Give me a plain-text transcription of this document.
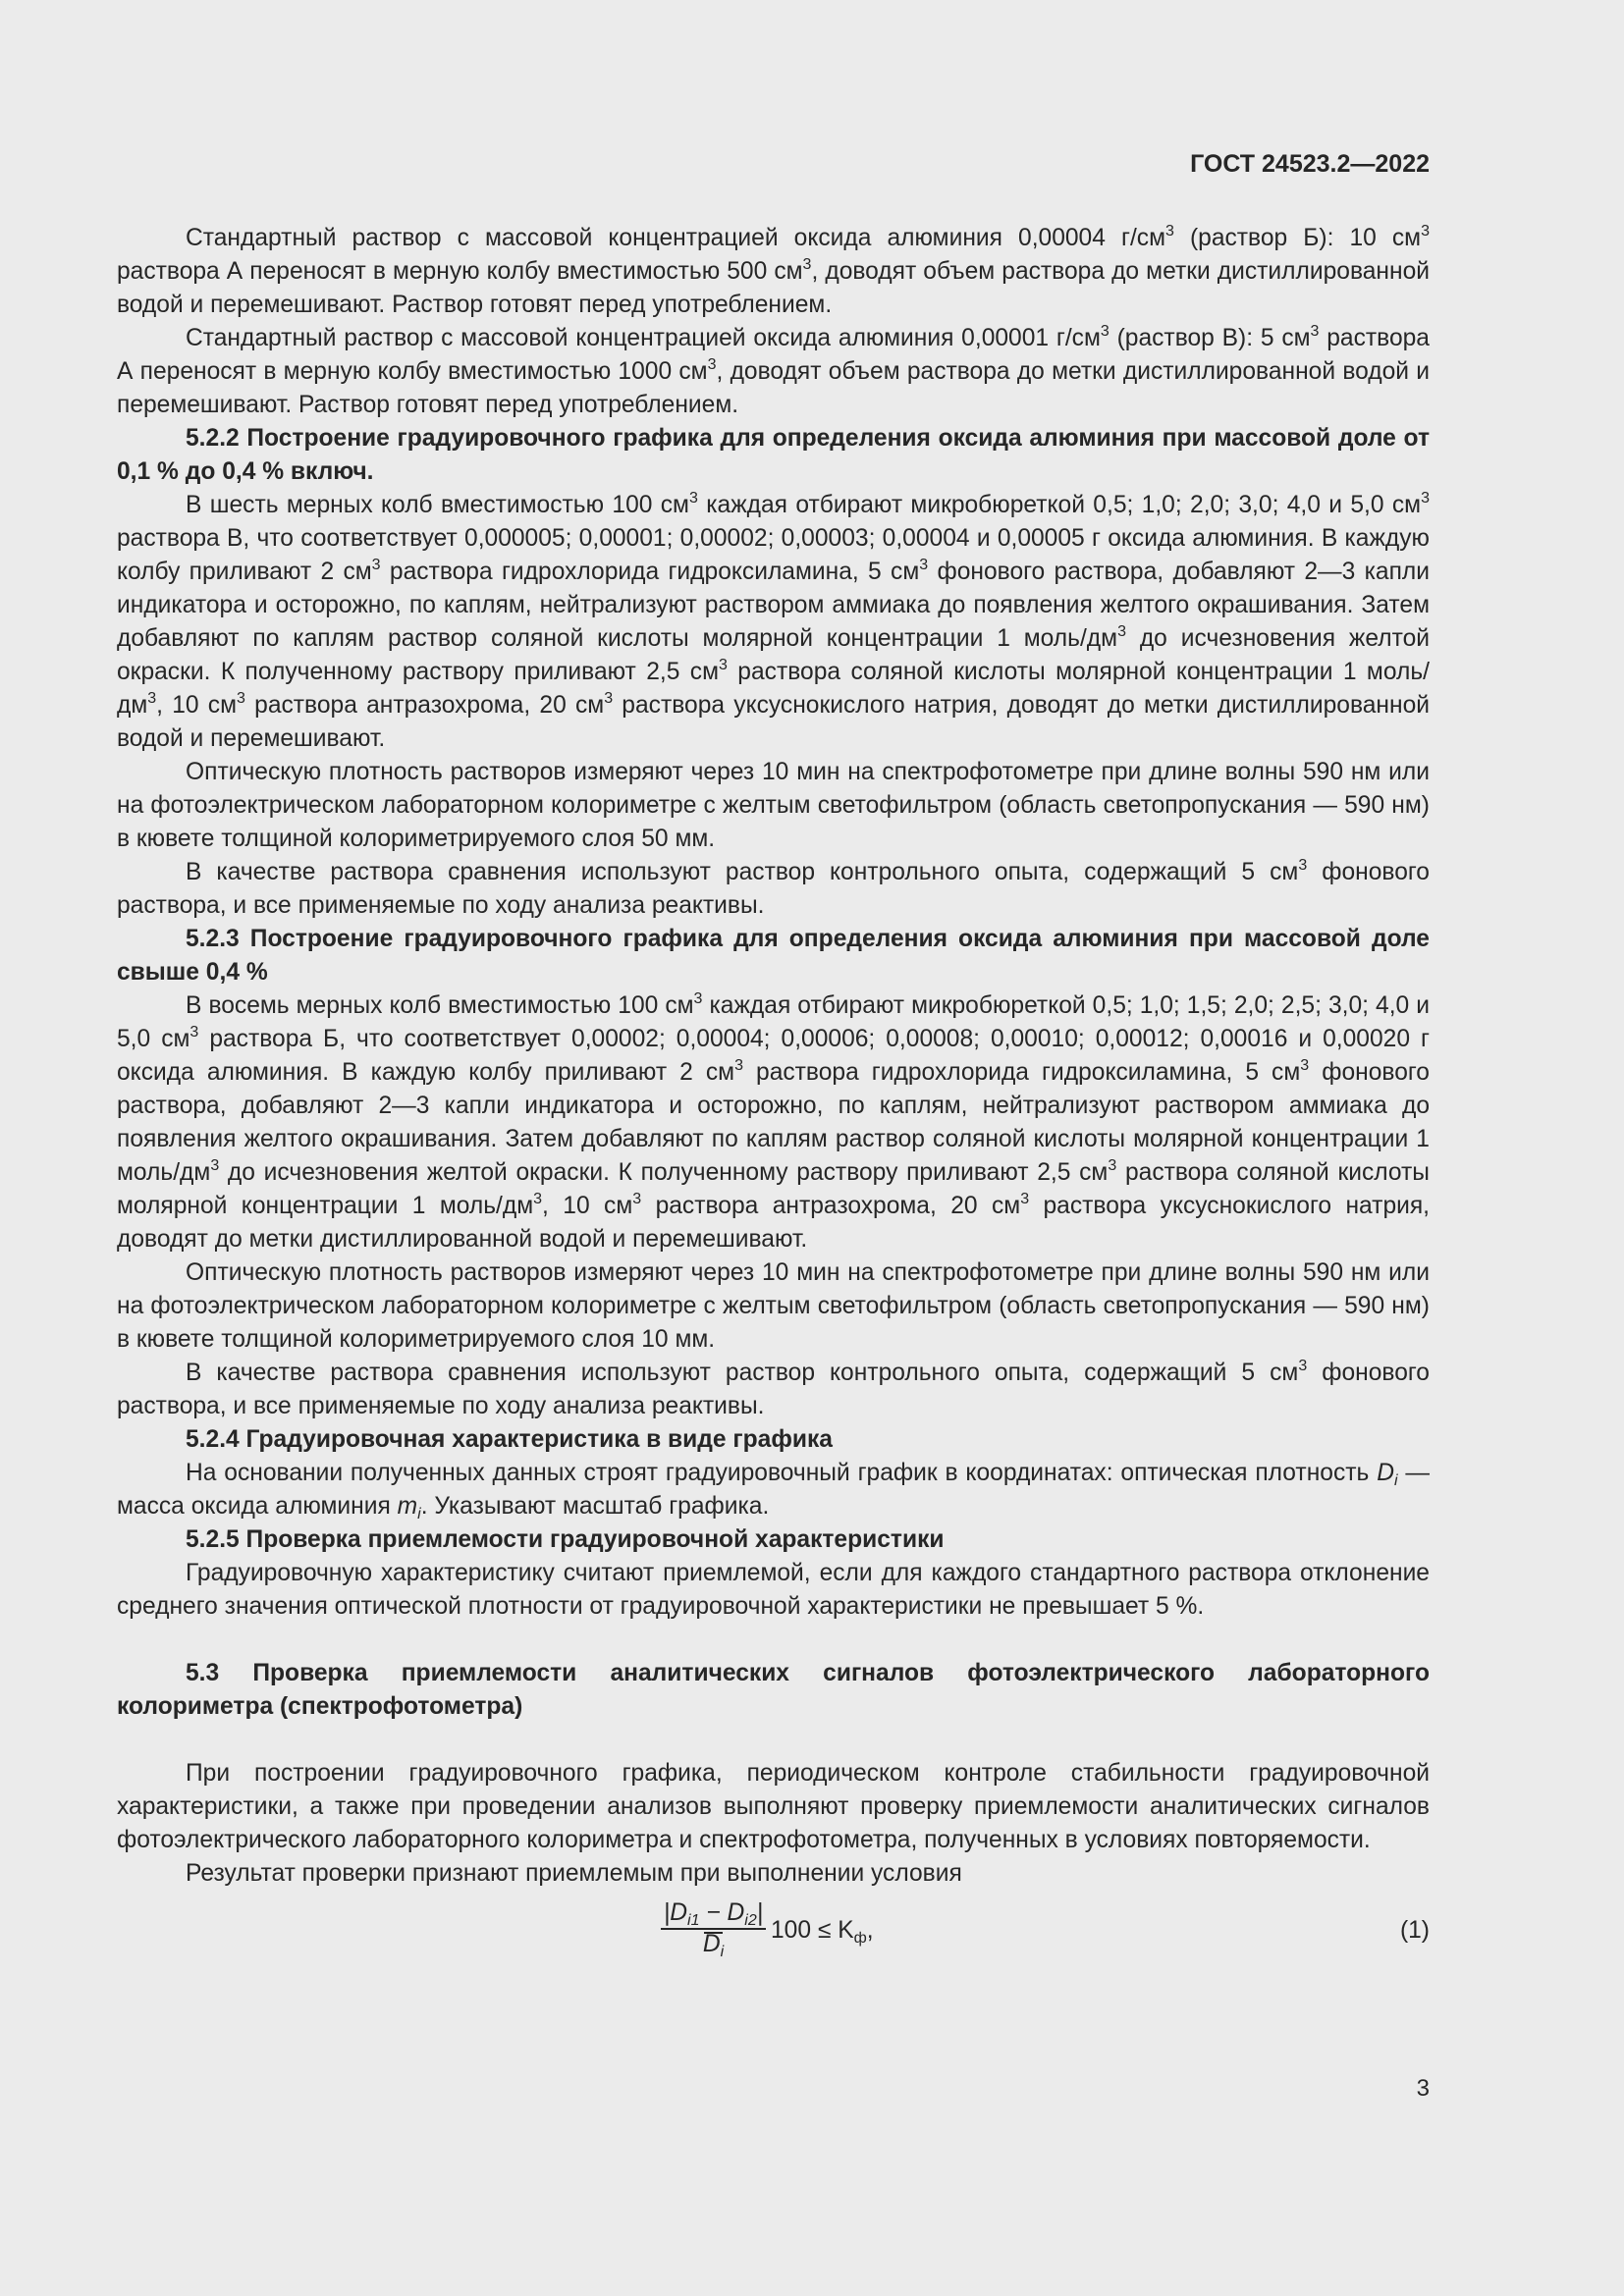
ГОСТ 24523.2—2022

Стандартный раствор с массовой концентрацией оксида алюминия 0,00004 $г/см^3$ (раствор Б): 10 $см^3$ раствора А переносят в мерную колбу вместимостью 500 $см^3$, доводят объем раствора до метки дистиллированной водой и перемешивают. Раствор готовят перед употреблением.

Стандартный раствор с массовой концентрацией оксида алюминия 0,00001 $г/см^3$ (раствор В): 5 $см^3$ раствора А переносят в мерную колбу вместимостью 1000 $см^3$, доводят объем раствора до метки дистиллированной водой и перемешивают. Раствор готовят перед употреблением.

5.2.2 Построение градуировочного графика для определения оксида алюминия при массовой доле от 0,1 % до 0,4 % включ.

В шесть мерных колб вместимостью 100 $см^3$ каждая отбирают микробюреткой 0,5; 1,0; 2,0; 3,0; 4,0 и 5,0 $см^3$ раствора В, что соответствует 0,000005; 0,00001; 0,00002; 0,00003; 0,00004 и 0,00005 г оксида алюминия. В каждую колбу приливают 2 $см^3$ раствора гидрохлорида гидроксиламина, 5 $см^3$ фонового раствора, добавляют 2—3 капли индикатора и осторожно, по каплям, нейтрализуют раствором аммиака до появления желтого окрашивания. Затем добавляют по каплям раствор соляной кислоты молярной концентрации 1 моль/$дм^3$ до исчезновения желтой окраски. К полученному раствору приливают 2,5 $см^3$ раствора соляной кислоты молярной концентрации 1 моль/$дм^3$, 10 $см^3$ раствора антразохрома, 20 $см^3$ раствора уксуснокислого натрия, доводят до метки дистиллированной водой и перемешивают.

Оптическую плотность растворов измеряют через 10 мин на спектрофотометре при длине волны 590 нм или на фотоэлектрическом лабораторном колориметре с желтым светофильтром (область светопропускания — 590 нм) в кювете толщиной колориметрируемого слоя 50 мм.

В качестве раствора сравнения используют раствор контрольного опыта, содержащий 5 $см^3$ фонового раствора, и все применяемые по ходу анализа реактивы.

5.2.3 Построение градуировочного графика для определения оксида алюминия при массовой доле свыше 0,4 %

В восемь мерных колб вместимостью 100 $см^3$ каждая отбирают микробюреткой 0,5; 1,0; 1,5; 2,0; 2,5; 3,0; 4,0 и 5,0 $см^3$ раствора Б, что соответствует 0,00002; 0,00004; 0,00006; 0,00008; 0,00010; 0,00012; 0,00016 и 0,00020 г оксида алюминия. В каждую колбу приливают 2 $см^3$ раствора гидрохлорида гидроксиламина, 5 $см^3$ фонового раствора, добавляют 2—3 капли индикатора и осторожно, по каплям, нейтрализуют раствором аммиака до появления желтого окрашивания. Затем добавляют по каплям раствор соляной кислоты молярной концентрации 1 моль/$дм^3$ до исчезновения желтой окраски. К полученному раствору приливают 2,5 $см^3$ раствора соляной кислоты молярной концентрации 1 моль/$дм^3$, 10 $см^3$ раствора антразохрома, 20 $см^3$ раствора уксуснокислого натрия, доводят до метки дистиллированной водой и перемешивают.

Оптическую плотность растворов измеряют через 10 мин на спектрофотометре при длине волны 590 нм или на фотоэлектрическом лабораторном колориметре с желтым светофильтром (область светопропускания — 590 нм) в кювете толщиной колориметрируемого слоя 10 мм.

В качестве раствора сравнения используют раствор контрольного опыта, содержащий 5 $см^3$ фонового раствора, и все применяемые по ходу анализа реактивы.

5.2.4 Градуировочная характеристика в виде графика

На основании полученных данных строят градуировочный график в координатах: оптическая плотность $D_i$ — масса оксида алюминия $m_i$. Указывают масштаб графика.

5.2.5 Проверка приемлемости градуировочной характеристики

Градуировочную характеристику считают приемлемой, если для каждого стандартного раствора отклонение среднего значения оптической плотности от градуировочной характеристики не превышает 5 %.

5.3 Проверка приемлемости аналитических сигналов фотоэлектрического лабораторного колориметра (спектрофотометра)

При построении градуировочного графика, периодическом контроле стабильности градуировочной характеристики, а также при проведении анализов выполняют проверку приемлемости аналитических сигналов фотоэлектрического лабораторного колориметра и спектрофотометра, полученных в условиях повторяемости.

Результат проверки признают приемлемым при выполнении условия

$\frac{|D_{i1} - D_{i2}|}{D_i} 100 \le K_ф$,	(1)
3
